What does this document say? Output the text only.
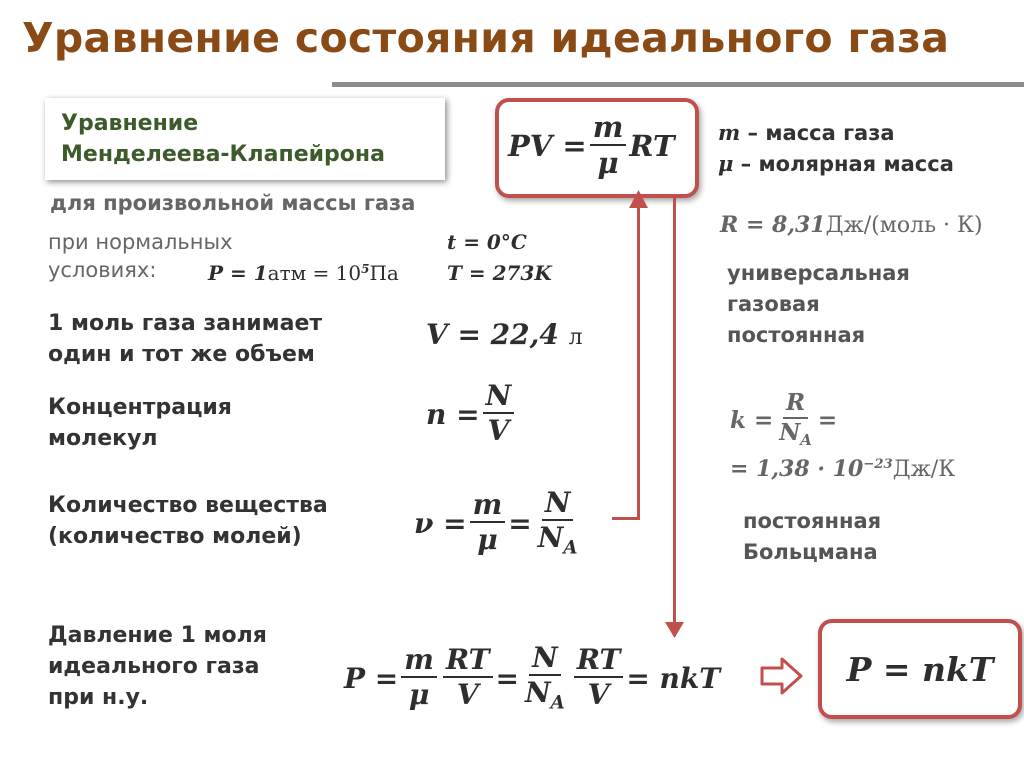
Уравнение состояния идеального газа
Уравнение
Менделеева-Клапейрона	PV = $\frac{m}{\mu}$ RT m – масса газа
μ – молярная масса
для произвольной массы газа
при нормальных
условиях:	$P = 1атм = 10^5Па$
t = 0°C
T = 273K
R = 8,31Дж/(моль · К)
универсальная
газовая
постоянная
1 моль газа занимает
один и тот же объем
V = 22,4 л
Концентрация
молекул
$n = \frac{N}{V}$	$k = \frac{R}{N_A}$ =
= $1,38 \cdot 10^{-23}Дж/К$
постоянная
Больцмана
Количество вещества
(количество молей)	$\nu = \frac{m}{\mu} = \frac{N}{N_A}$
Давление 1 моля
идеального газа
при н.у.
$P = \frac{m}{\mu} \frac{RT}{V} = \frac{N}{N_A} \frac{RT}{V}$ = nkT	P = nkT
